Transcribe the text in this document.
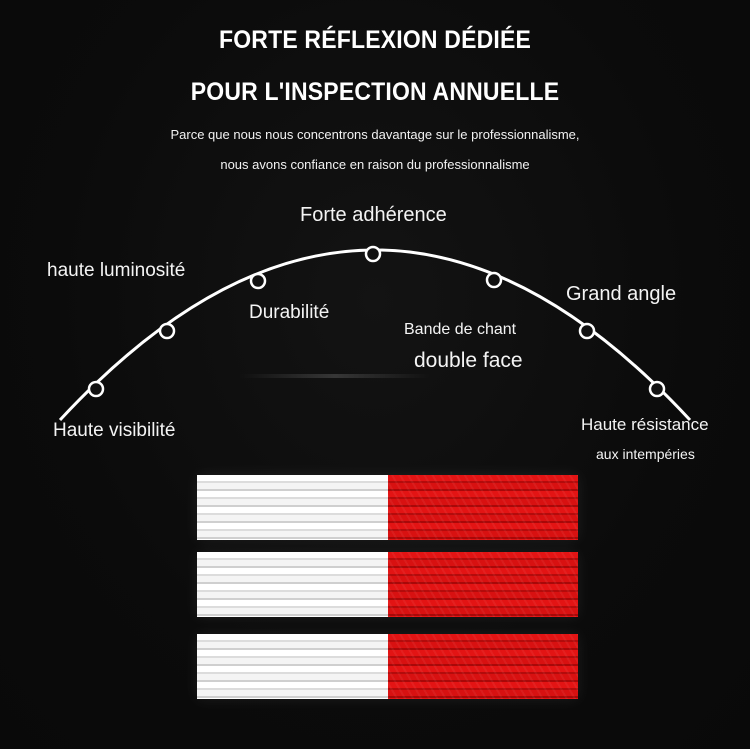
FORTE RÉFLEXION DÉDIÉE
POUR L'INSPECTION ANNUELLE
Parce que nous nous concentrons davantage sur le professionnalisme,
nous avons confiance en raison du professionnalisme
Forte adhérence
haute luminosité
Durabilité
Grand angle
Bande de chant
double face
Haute visibilité	Haute résistance
aux intempéries
